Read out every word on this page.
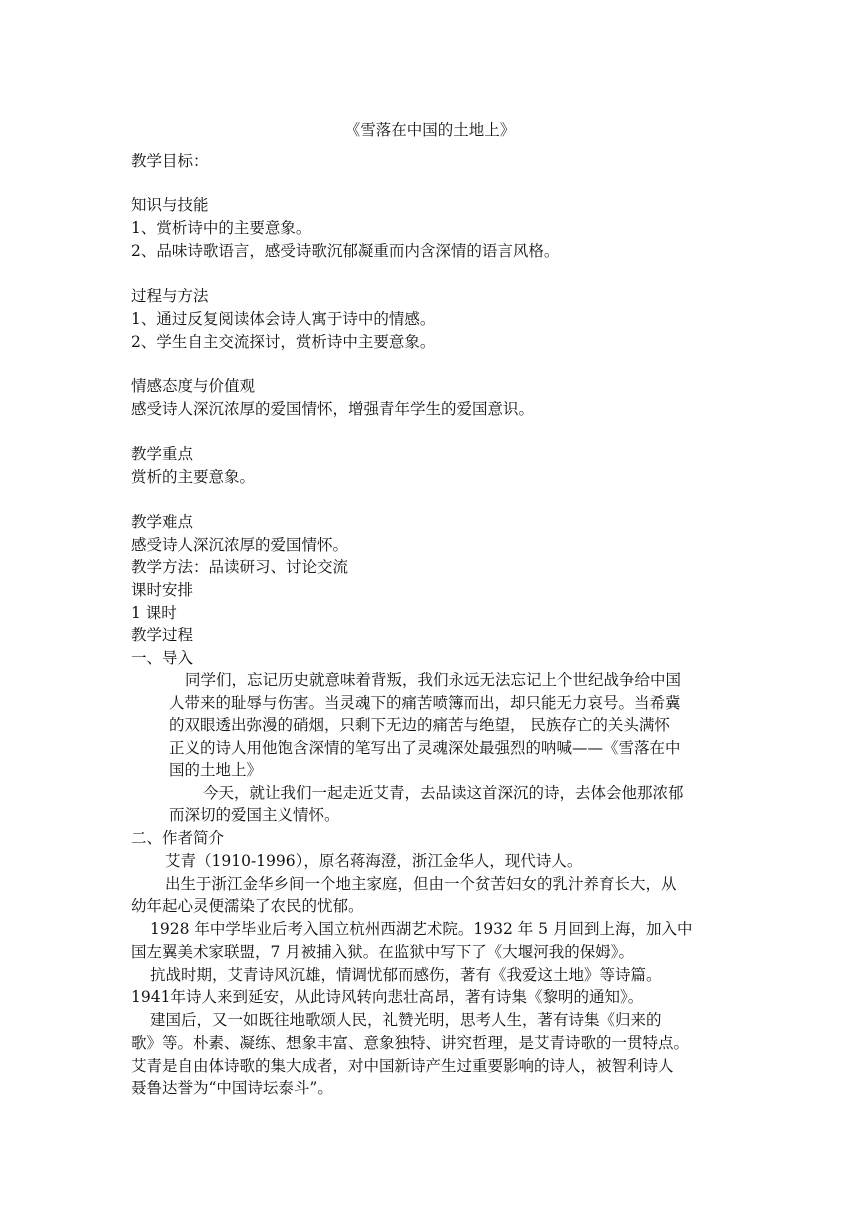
《雪落在中国的土地上》
教学目标：
知识与技能
1、赏析诗中的主要意象。
2、品味诗歌语言，感受诗歌沉郁凝重而内含深情的语言风格。
过程与方法
1、通过反复阅读体会诗人寓于诗中的情感。
2、学生自主交流探讨，赏析诗中主要意象。
情感态度与价值观
感受诗人深沉浓厚的爱国情怀，增强青年学生的爱国意识。
教学重点
赏析的主要意象。
教学难点
感受诗人深沉浓厚的爱国情怀。
教学方法：品读研习、讨论交流
课时安排
1 课时
教学过程
一、导入
同学们，忘记历史就意味着背叛，我们永远无法忘记上个世纪战争给中国
人带来的耻辱与伤害。当灵魂下的痛苦喷簿而出，却只能无力哀号。当希冀
的双眼透出弥漫的硝烟，只剩下无边的痛苦与绝望， 民族存亡的关头满怀
正义的诗人用他饱含深情的笔写出了灵魂深处最强烈的呐喊——《雪落在中
国的土地上》
今天，就让我们一起走近艾青，去品读这首深沉的诗，去体会他那浓郁
而深切的爱国主义情怀。
二、作者简介
艾青（1910-1996），原名蒋海澄，浙江金华人，现代诗人。
出生于浙江金华乡间一个地主家庭，但由一个贫苦妇女的乳汁养育长大，从
幼年起心灵便濡染了农民的忧郁。
1928 年中学毕业后考入国立杭州西湖艺术院。1932 年 5 月回到上海，加入中
国左翼美术家联盟，7 月被捕入狱。在监狱中写下了《大堰河我的保姆》。
抗战时期，艾青诗风沉雄，情调忧郁而感伤，著有《我爱这土地》等诗篇。
1941年诗人来到延安，从此诗风转向悲壮高昂，著有诗集《黎明的通知》。
建国后，又一如既往地歌颂人民，礼赞光明，思考人生，著有诗集《归来的
歌》等。朴素、凝练、想象丰富、意象独特、讲究哲理，是艾青诗歌的一贯特点。
艾青是自由体诗歌的集大成者，对中国新诗产生过重要影响的诗人，被智利诗人
聂鲁达誉为“中国诗坛泰斗”。
